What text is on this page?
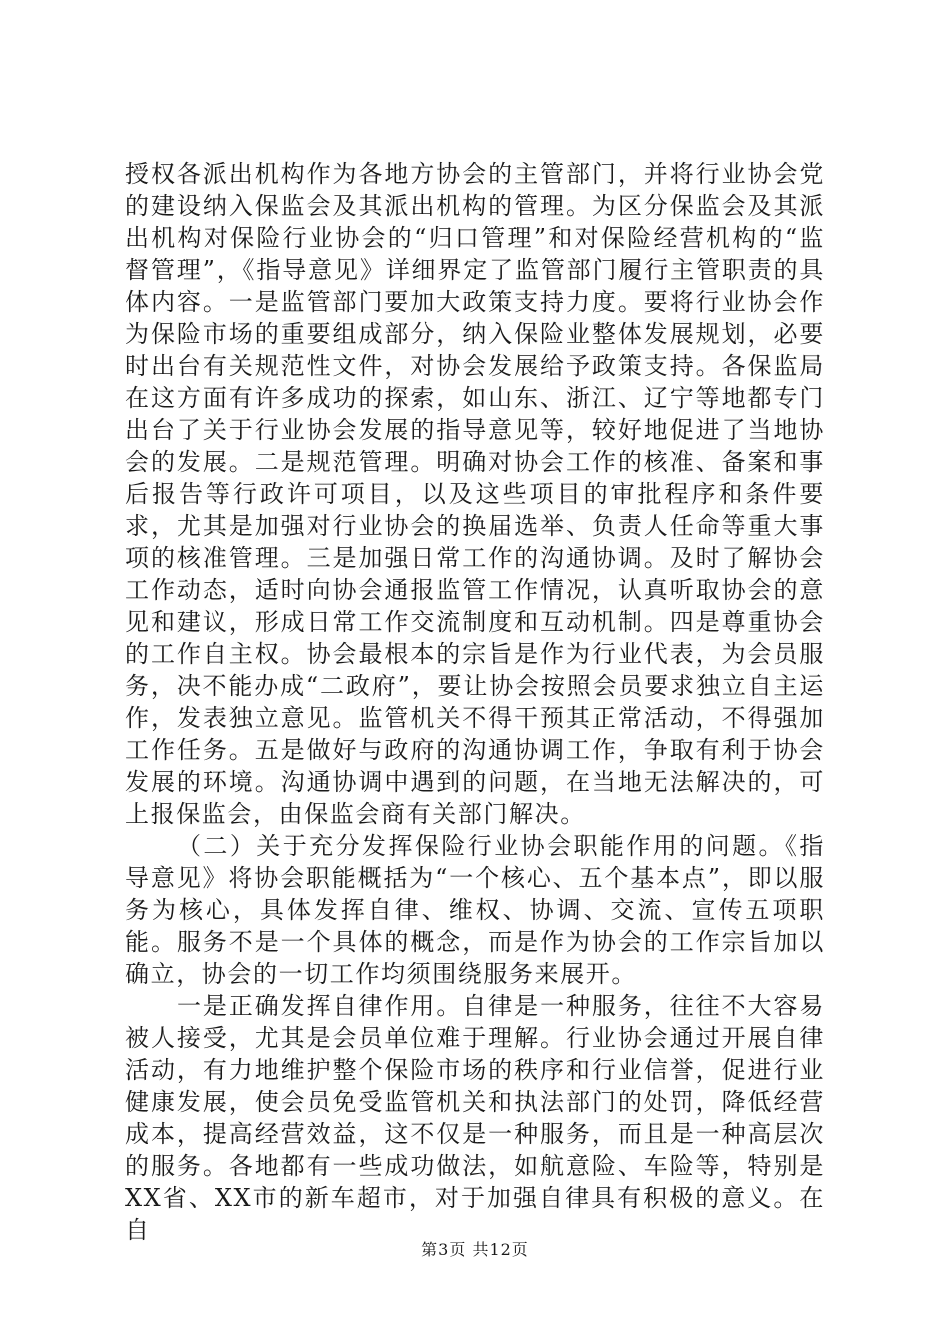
授权各派出机构作为各地方协会的主管部门，并将行业协会党的建设纳入保监会及其派出机构的管理。为区分保监会及其派出机构对保险行业协会的“归口管理”和对保险经营机构的“监督管理”，《指导意见》详细界定了监管部门履行主管职责的具体内容。一是监管部门要加大政策支持力度。要将行业协会作为保险市场的重要组成部分，纳入保险业整体发展规划，必要时出台有关规范性文件，对协会发展给予政策支持。各保监局在这方面有许多成功的探索，如山东、浙江、辽宁等地都专门出台了关于行业协会发展的指导意见等，较好地促进了当地协会的发展。二是规范管理。明确对协会工作的核准、备案和事后报告等行政许可项目，以及这些项目的审批程序和条件要求，尤其是加强对行业协会的换届选举、负责人任命等重大事项的核准管理。三是加强日常工作的沟通协调。及时了解协会工作动态，适时向协会通报监管工作情况，认真听取协会的意见和建议，形成日常工作交流制度和互动机制。四是尊重协会的工作自主权。协会最根本的宗旨是作为行业代表，为会员服务，决不能办成“二政府”，要让协会按照会员要求独立自主运作，发表独立意见。监管机关不得干预其正常活动，不得强加工作任务。五是做好与政府的沟通协调工作，争取有利于协会发展的环境。沟通协调中遇到的问题，在当地无法解决的，可上报保监会，由保监会商有关部门解决。

（二）关于充分发挥保险行业协会职能作用的问题。《指导意见》将协会职能概括为“一个核心、五个基本点”，即以服务为核心，具体发挥自律、维权、协调、交流、宣传五项职能。服务不是一个具体的概念，而是作为协会的工作宗旨加以确立，协会的一切工作均须围绕服务来展开。

一是正确发挥自律作用。自律是一种服务，往往不大容易被人接受，尤其是会员单位难于理解。行业协会通过开展自律活动，有力地维护整个保险市场的秩序和行业信誉，促进行业健康发展，使会员免受监管机关和执法部门的处罚，降低经营成本，提高经营效益，这不仅是一种服务，而且是一种高层次的服务。各地都有一些成功做法，如航意险、车险等，特别是XX省、XX市的新车超市，对于加强自律具有积极的意义。在自

第3页 共12页
